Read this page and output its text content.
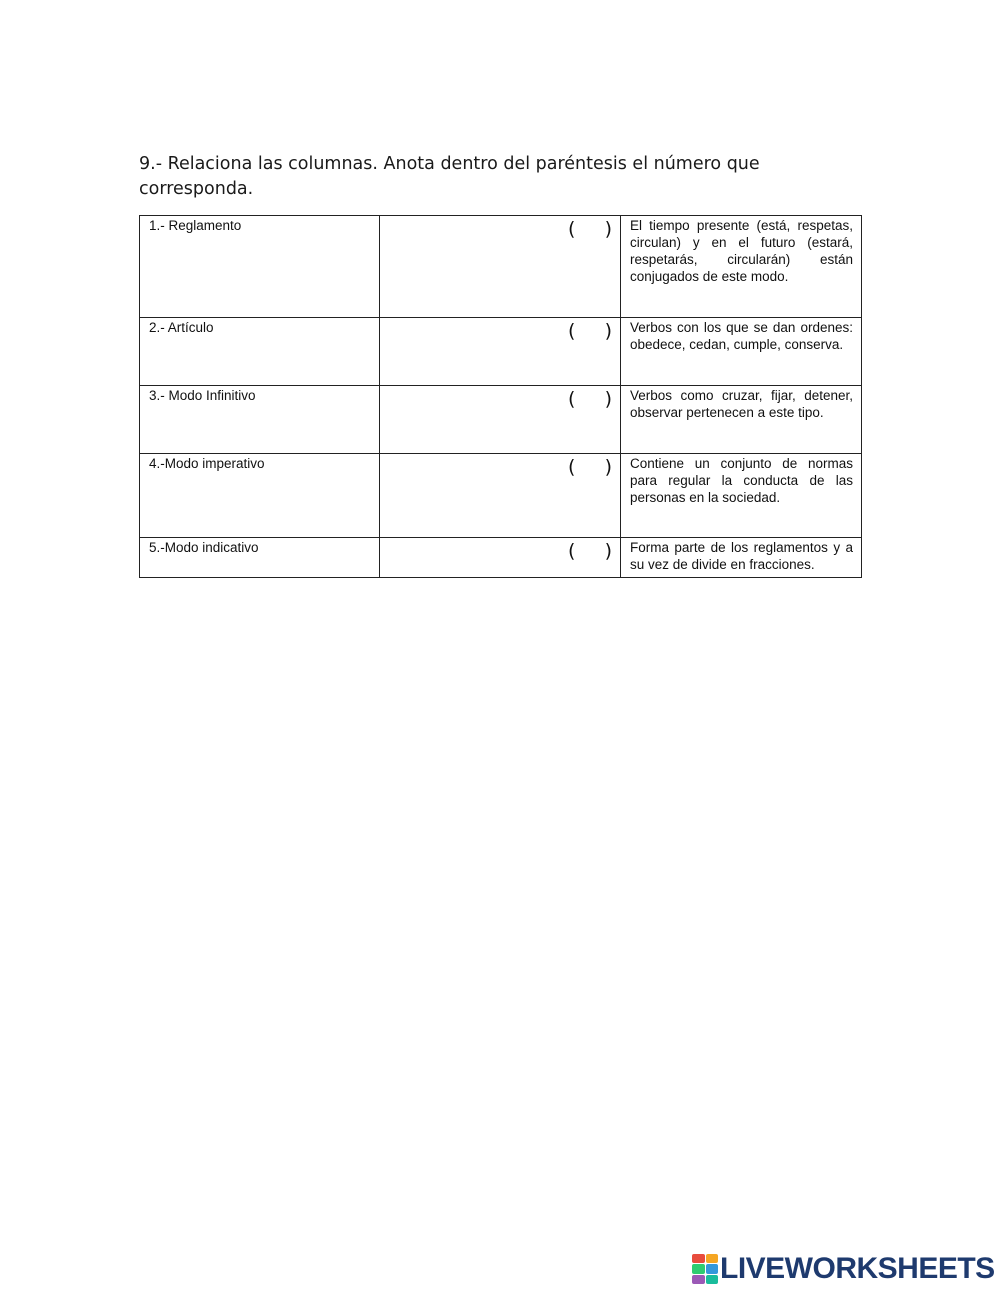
9.- Relaciona las columnas. Anota dentro del paréntesis el número que corresponda.

1.- Reglamento	( )	El tiempo presente (está, respetas, circulan) y en el futuro (estará, respetarás, circularán) están conjugados de este modo.
2.- Artículo	( )	Verbos con los que se dan ordenes: obedece, cedan, cumple, conserva.
3.- Modo Infinitivo	( )	Verbos como cruzar, fijar, detener, observar pertenecen a este tipo.
4.-Modo imperativo	( )	Contiene un conjunto de normas para regular la conducta de las personas en la sociedad.
5.-Modo indicativo	( )	Forma parte de los reglamentos y a su vez de divide en fracciones.
LIVEWORKSHEETS
